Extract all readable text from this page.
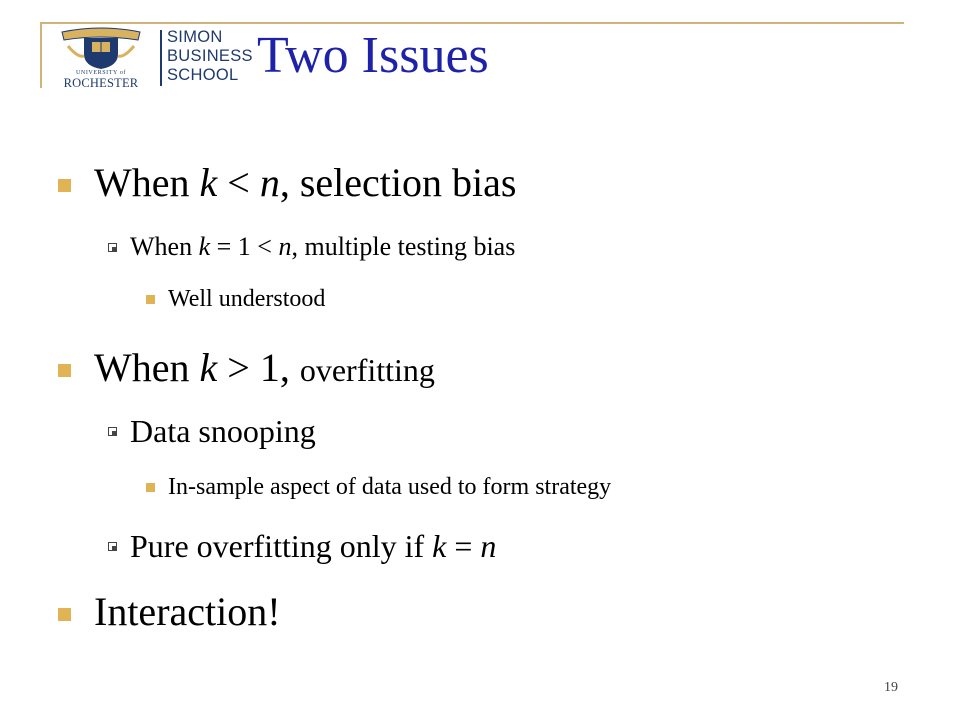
UNIVERSITY of
ROCHESTER
SIMON
BUSINESS
SCHOOL Two Issues
When k < n, selection bias
When k = 1 < n, multiple testing bias
Well understood
When k > 1, overfitting
Data snooping
In-sample aspect of data used to form strategy
Pure overfitting only if k = n
Interaction!
19
